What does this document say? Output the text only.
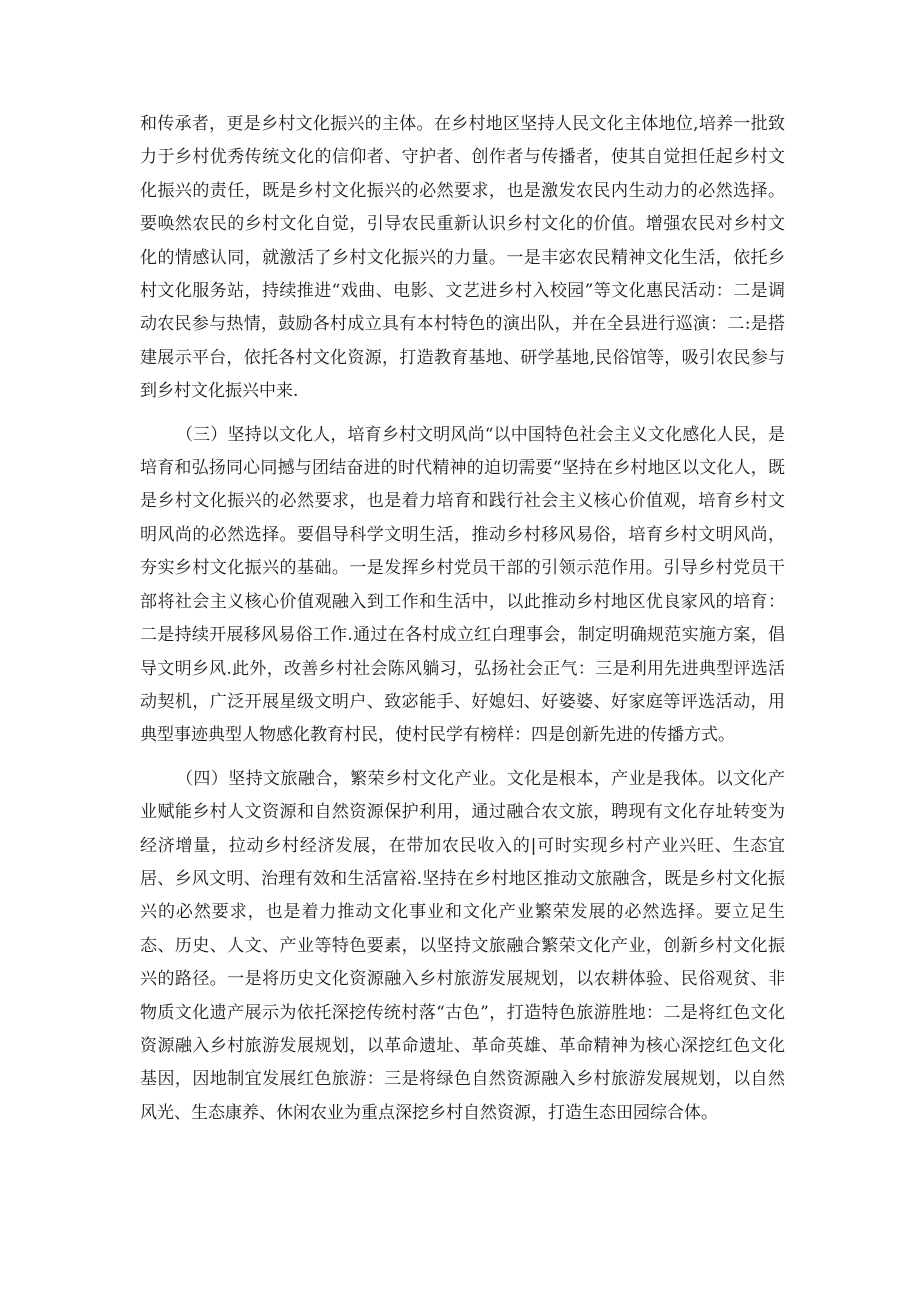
和传承者，更是乡村文化振兴的主体。在乡村地区坚持人民文化主体地位,培养一批致力于乡村优秀传统文化的信仰者、守护者、创作者与传播者，使其自觉担任起乡村文化振兴的责任，既是乡村文化振兴的必然要求，也是激发农民内生动力的必然选择。要唤然农民的乡村文化自觉，引导农民重新认识乡村文化的价值。增强农民对乡村文化的情感认同，就激活了乡村文化振兴的力量。一是丰宓农民精神文化生活，依托乡村文化服务站，持续推进“戏曲、电影、文艺进乡村入校园”等文化惠民活动：二是调动农民参与热情，鼓励各村成立具有本村特色的演出队，并在全县进行巡演：二:是搭建展示平台，依托各村文化资源，打造教育基地、研学基地,民俗馆等，吸引农民参与到乡村文化振兴中来.

（三）坚持以文化人，培育乡村文明风尚“以中国特色社会主义文化感化人民，是培育和弘扬同心同撼与团结奋进的时代精神的迫切需要“坚持在乡村地区以文化人，既是乡村文化振兴的必然要求，也是着力培育和践行社会主义核心价值观，培育乡村文明风尚的必然选择。要倡导科学文明生活，推动乡村移风易俗，培育乡村文明风尚，夯实乡村文化振兴的基础。一是发挥乡村党员干部的引领示范作用。引导乡村党员干部将社会主义核心价值观融入到工作和生活中，以此推动乡村地区优良家风的培育：二是持续开展移风易俗工作.通过在各村成立红白理事会，制定明确规范实施方案，倡导文明乡风.此外，改善乡村社会陈风躺习，弘扬社会正气：三是利用先进典型评选活动契机，广泛开展星级文明户、致宓能手、好媳妇、好婆婆、好家庭等评选活动，用典型事迹典型人物感化教育村民，使村民学有榜样：四是创新先进的传播方式。

（四）坚持文旅融合，繁荣乡村文化产业。文化是根本，产业是我体。以文化产业赋能乡村人文资源和自然资源保护利用，通过融合农文旅，聘现有文化存址转变为经济增量，拉动乡村经济发展，在带加农民收入的|可时实现乡村产业兴旺、生态宜居、乡风文明、治理有效和生活富裕.坚持在乡村地区推动文旅融含，既是乡村文化振兴的必然要求，也是着力推动文化事业和文化产业繁荣发展的必然选择。要立足生态、历史、人文、产业等特色要素，以坚持文旅融合繁荣文化产业，创新乡村文化振兴的路径。一是将历史文化资源融入乡村旅游发展规划，以农耕体验、民俗观贫、非物质文化遗产展示为依托深挖传统村落“古色”，打造特色旅游胜地：二是将红色文化资源融入乡村旅游发展规划，以革命遗址、革命英雄、革命精神为核心深挖红色文化基因，因地制宜发展红色旅游：三是将绿色自然资源融入乡村旅游发展规划，以自然风光、生态康养、休闲农业为重点深挖乡村自然资源，打造生态田园综合体。
